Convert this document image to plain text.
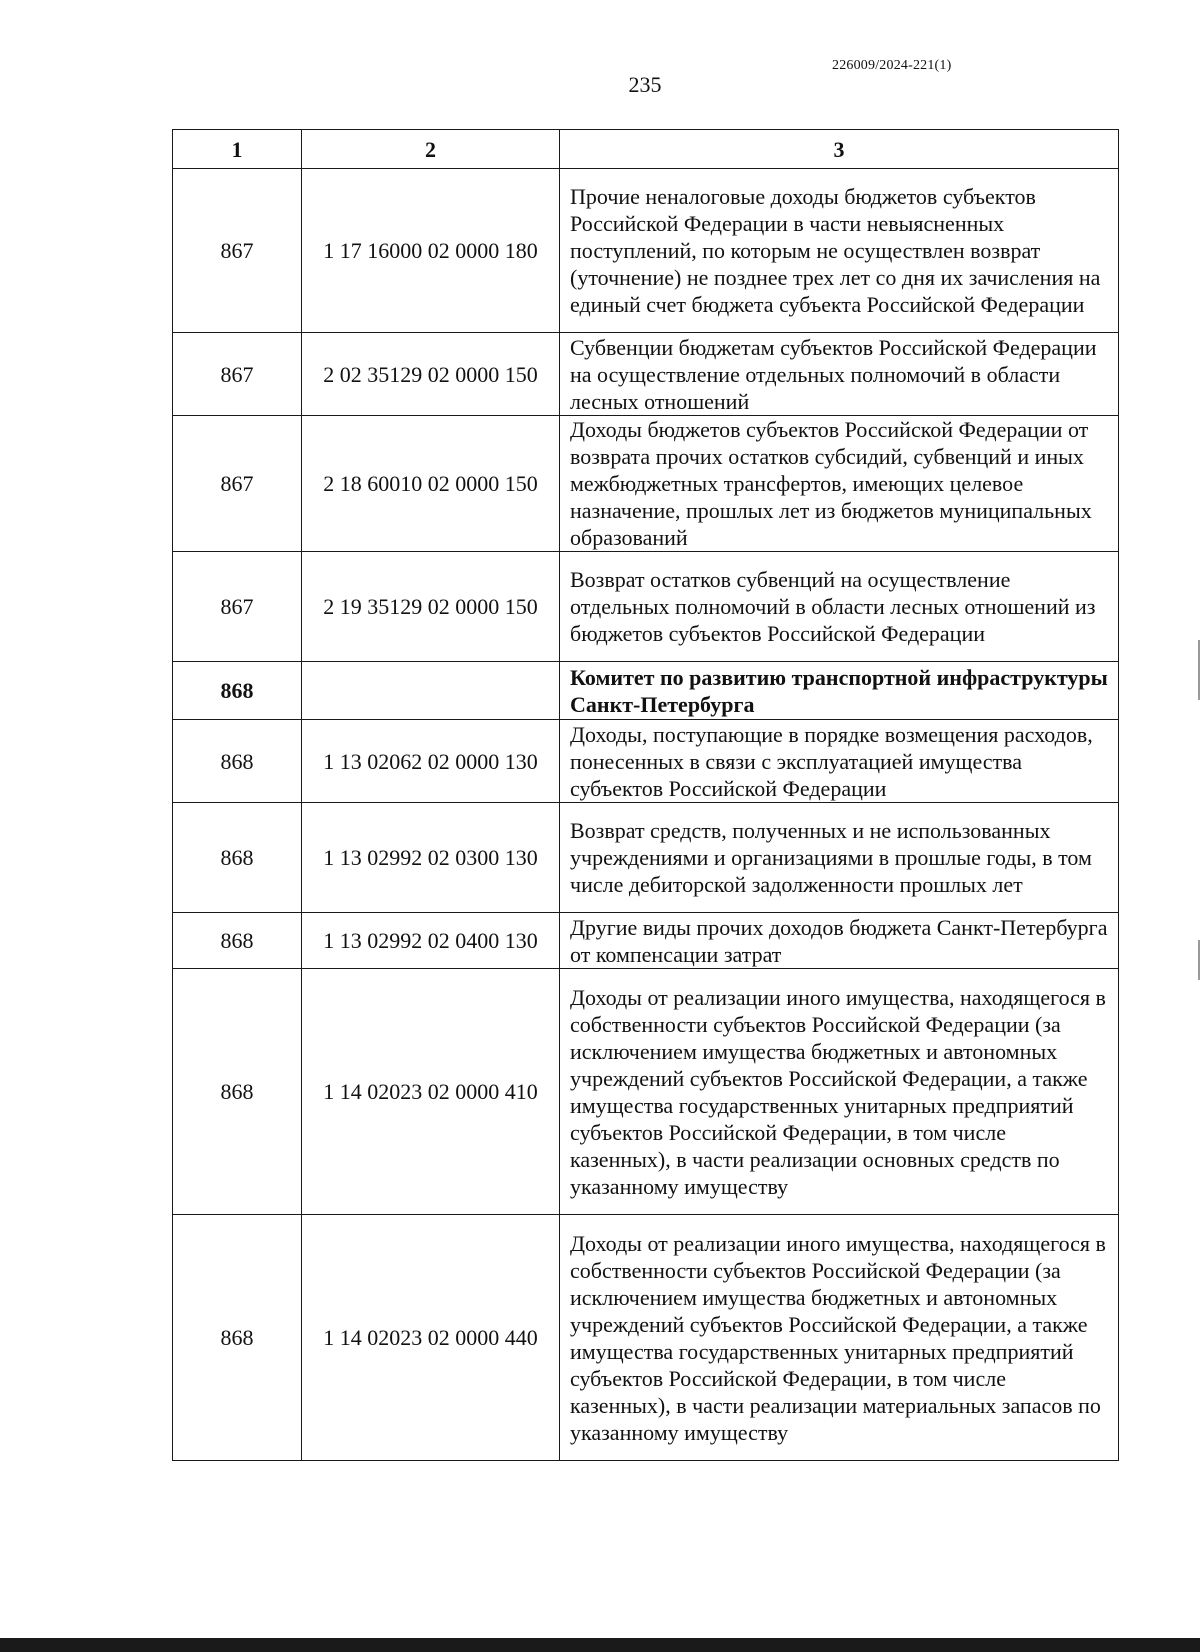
226009/2024-221(1)
235
1	2	3
867	1 17 16000 02 0000 180	Прочие неналоговые доходы бюджетов субъектов Российской Федерации в части невыясненных поступлений, по которым не осуществлен возврат (уточнение) не позднее трех лет со дня их зачисления на единый счет бюджета субъекта Российской Федерации
867	2 02 35129 02 0000 150	Субвенции бюджетам субъектов Российской Федерации на осуществление отдельных полномочий в области лесных отношений
867	2 18 60010 02 0000 150	Доходы бюджетов субъектов Российской Федерации от возврата прочих остатков субсидий, субвенций и иных межбюджетных трансфертов, имеющих целевое назначение, прошлых лет из бюджетов муниципальных образований
867	2 19 35129 02 0000 150	Возврат остатков субвенций на осуществление отдельных полномочий в области лесных отношений из бюджетов субъектов Российской Федерации
868		Комитет по развитию транспортной инфраструктуры Санкт-Петербурга
868	1 13 02062 02 0000 130	Доходы, поступающие в порядке возмещения расходов, понесенных в связи с эксплуатацией имущества субъектов Российской Федерации
868	1 13 02992 02 0300 130	Возврат средств, полученных и не использованных учреждениями и организациями в прошлые годы, в том числе дебиторской задолженности прошлых лет
868	1 13 02992 02 0400 130	Другие виды прочих доходов бюджета Санкт-Петербурга от компенсации затрат
868	1 14 02023 02 0000 410	Доходы от реализации иного имущества, находящегося в собственности субъектов Российской Федерации (за исключением имущества бюджетных и автономных учреждений субъектов Российской Федерации, а также имущества государственных унитарных предприятий субъектов Российской Федерации, в том числе казенных), в части реализации основных средств по указанному имуществу
868	1 14 02023 02 0000 440	Доходы от реализации иного имущества, находящегося в собственности субъектов Российской Федерации (за исключением имущества бюджетных и автономных учреждений субъектов Российской Федерации, а также имущества государственных унитарных предприятий субъектов Российской Федерации, в том числе казенных), в части реализации материальных запасов по указанному имуществу
